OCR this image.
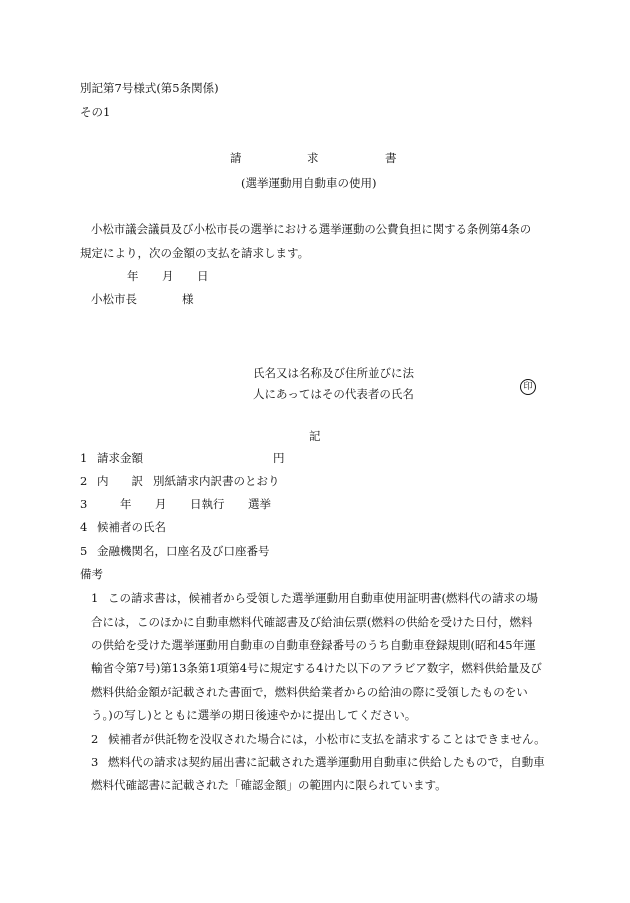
別記第7号様式(第5条関係)
その1
請	求	書
(選挙運動用自動車の使用)
小松市議会議員及び小松市長の選挙における選挙運動の公費負担に関する条例第4条の
規定により，次の金額の支払を請求します。
年 月 日
小松市長	様
氏名又は名称及び住所並びに法
人にあってはその代表者の氏名	印
記
1 請求金額	円
2 内　　訳 別紙請求内訳書のとおり
3	年 月 日執行 選挙
4 候補者の氏名
5 金融機関名，口座名及び口座番号
備考
1 この請求書は，候補者から受領した選挙運動用自動車使用証明書(燃料代の請求の場
合には，このほかに自動車燃料代確認書及び給油伝票(燃料の供給を受けた日付，燃料
の供給を受けた選挙運動用自動車の自動車登録番号のうち自動車登録規則(昭和45年運
輸省令第7号)第13条第1項第4号に規定する4けた以下のアラビア数字，燃料供給量及び
燃料供給金額が記載された書面で，燃料供給業者からの給油の際に受領したものをい
う。)の写し)とともに選挙の期日後速やかに提出してください。
2 候補者が供託物を没収された場合には，小松市に支払を請求することはできません。
3 燃料代の請求は契約届出書に記載された選挙運動用自動車に供給したもので，自動車
燃料代確認書に記載された「確認金額」の範囲内に限られています。
